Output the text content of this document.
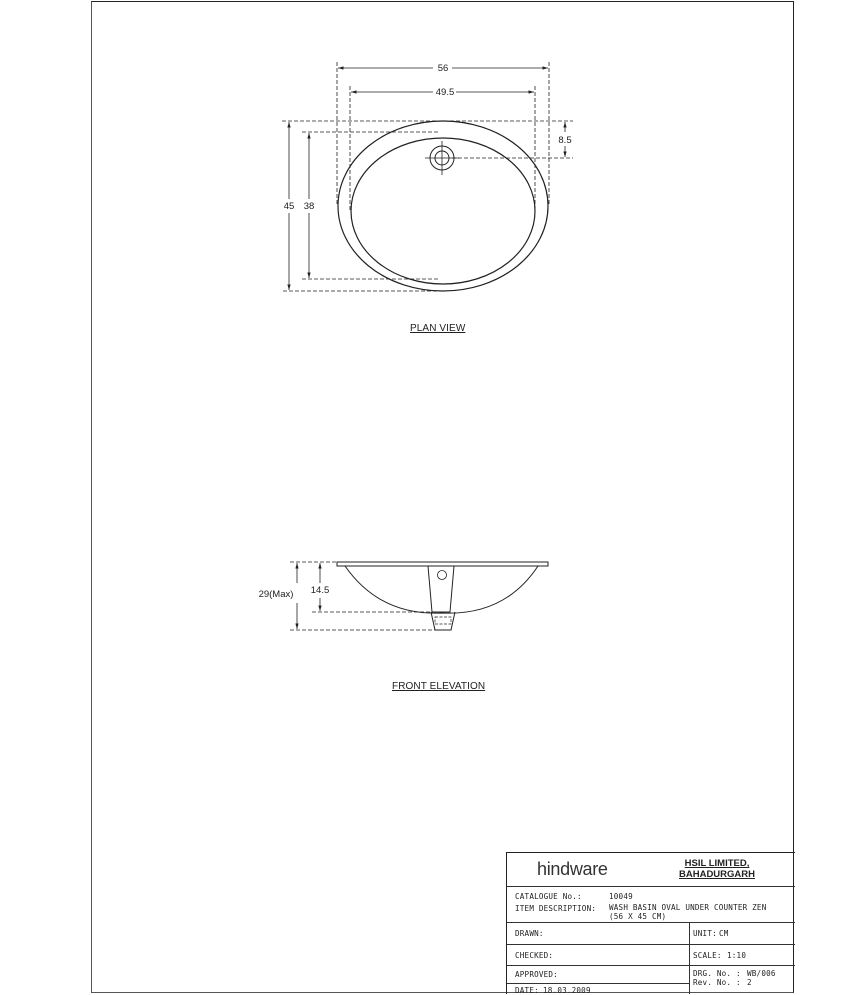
56
49.5
45 38
8.5
29(Max) 14.5
PLAN VIEW
FRONT ELEVATION
hindware	HSIL LIMITED,
BAHADURGARH
CATALOGUE No.:	10049
ITEM DESCRIPTION: WASH BASIN OVAL UNDER COUNTER ZEN
(56 X 45 CM)
DRAWN:
CHECKED:
APPROVED:
DATE: 18.03.2009
UNIT: CM
SCALE: 1:10
DRG. No. : WB/006
Rev. No. : 2
